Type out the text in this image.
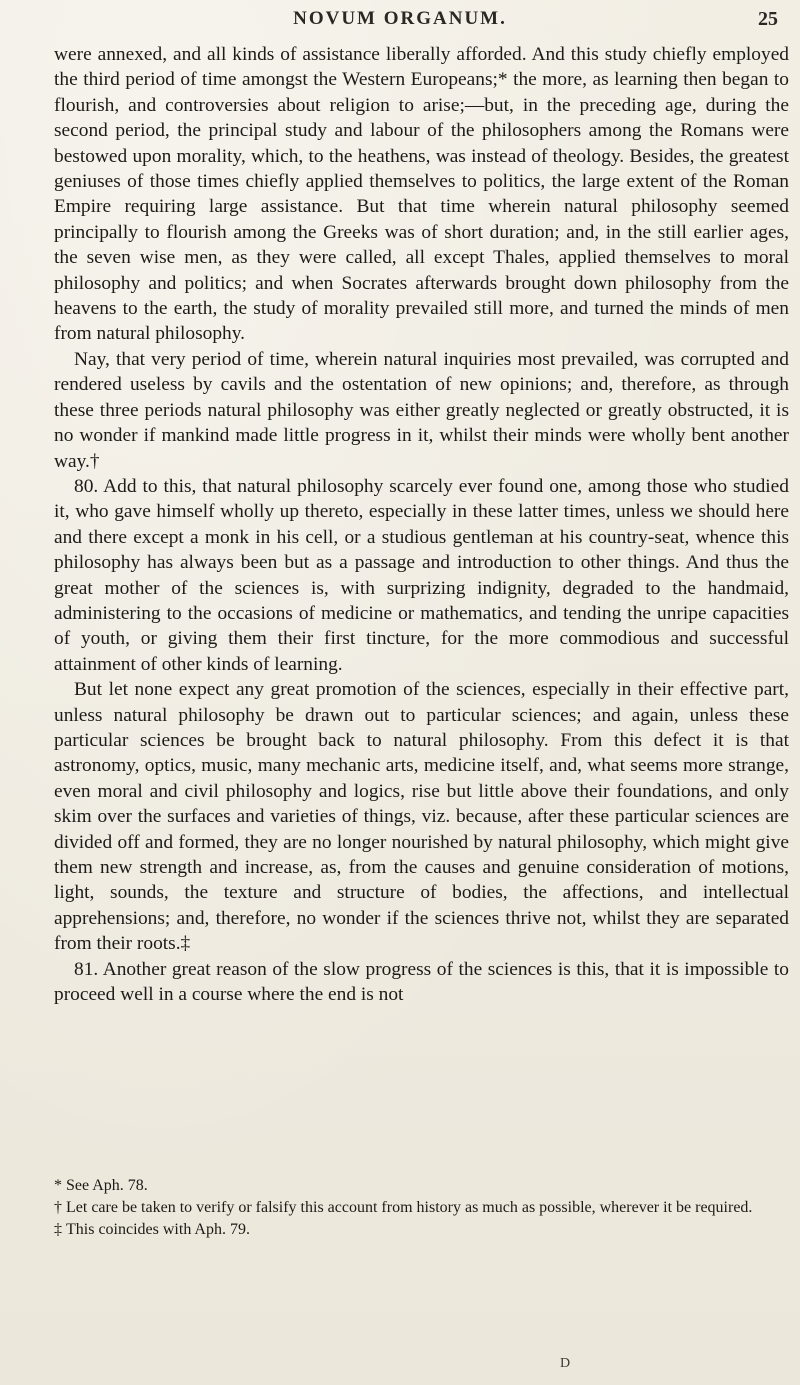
NOVUM ORGANUM.	25

were annexed, and all kinds of assistance liberally afforded. And this study chiefly employed the third period of time amongst the Western Europeans;* the more, as learning then began to flourish, and controversies about religion to arise;—but, in the preceding age, during the second period, the principal study and labour of the philosophers among the Romans were bestowed upon morality, which, to the heathens, was instead of theology. Besides, the greatest geniuses of those times chiefly applied themselves to politics, the large extent of the Roman Empire requiring large assistance. But that time wherein natural philosophy seemed principally to flourish among the Greeks was of short duration; and, in the still earlier ages, the seven wise men, as they were called, all except Thales, applied themselves to moral philosophy and politics; and when Socrates afterwards brought down philosophy from the heavens to the earth, the study of morality prevailed still more, and turned the minds of men from natural philosophy.

Nay, that very period of time, wherein natural inquiries most prevailed, was corrupted and rendered useless by cavils and the ostentation of new opinions; and, therefore, as through these three periods natural philosophy was either greatly neglected or greatly obstructed, it is no wonder if mankind made little progress in it, whilst their minds were wholly bent another way.†

80. Add to this, that natural philosophy scarcely ever found one, among those who studied it, who gave himself wholly up thereto, especially in these latter times, unless we should here and there except a monk in his cell, or a studious gentleman at his country-seat, whence this philosophy has always been but as a passage and introduction to other things. And thus the great mother of the sciences is, with surprizing indignity, degraded to the handmaid, administering to the occasions of medicine or mathematics, and tending the unripe capacities of youth, or giving them their first tincture, for the more commodious and successful attainment of other kinds of learning.

But let none expect any great promotion of the sciences, especially in their effective part, unless natural philosophy be drawn out to particular sciences; and again, unless these particular sciences be brought back to natural philosophy. From this defect it is that astronomy, optics, music, many mechanic arts, medicine itself, and, what seems more strange, even moral and civil philosophy and logics, rise but little above their foundations, and only skim over the surfaces and varieties of things, viz. because, after these particular sciences are divided off and formed, they are no longer nourished by natural philosophy, which might give them new strength and increase, as, from the causes and genuine consideration of motions, light, sounds, the texture and structure of bodies, the affections, and intellectual apprehensions; and, therefore, no wonder if the sciences thrive not, whilst they are separated from their roots.‡

81. Another great reason of the slow progress of the sciences is this, that it is impossible to proceed well in a course where the end is not

* See Aph. 78.

† Let care be taken to verify or falsify this account from history as much as possible, wherever it be required.

‡ This coincides with Aph. 79.

D
